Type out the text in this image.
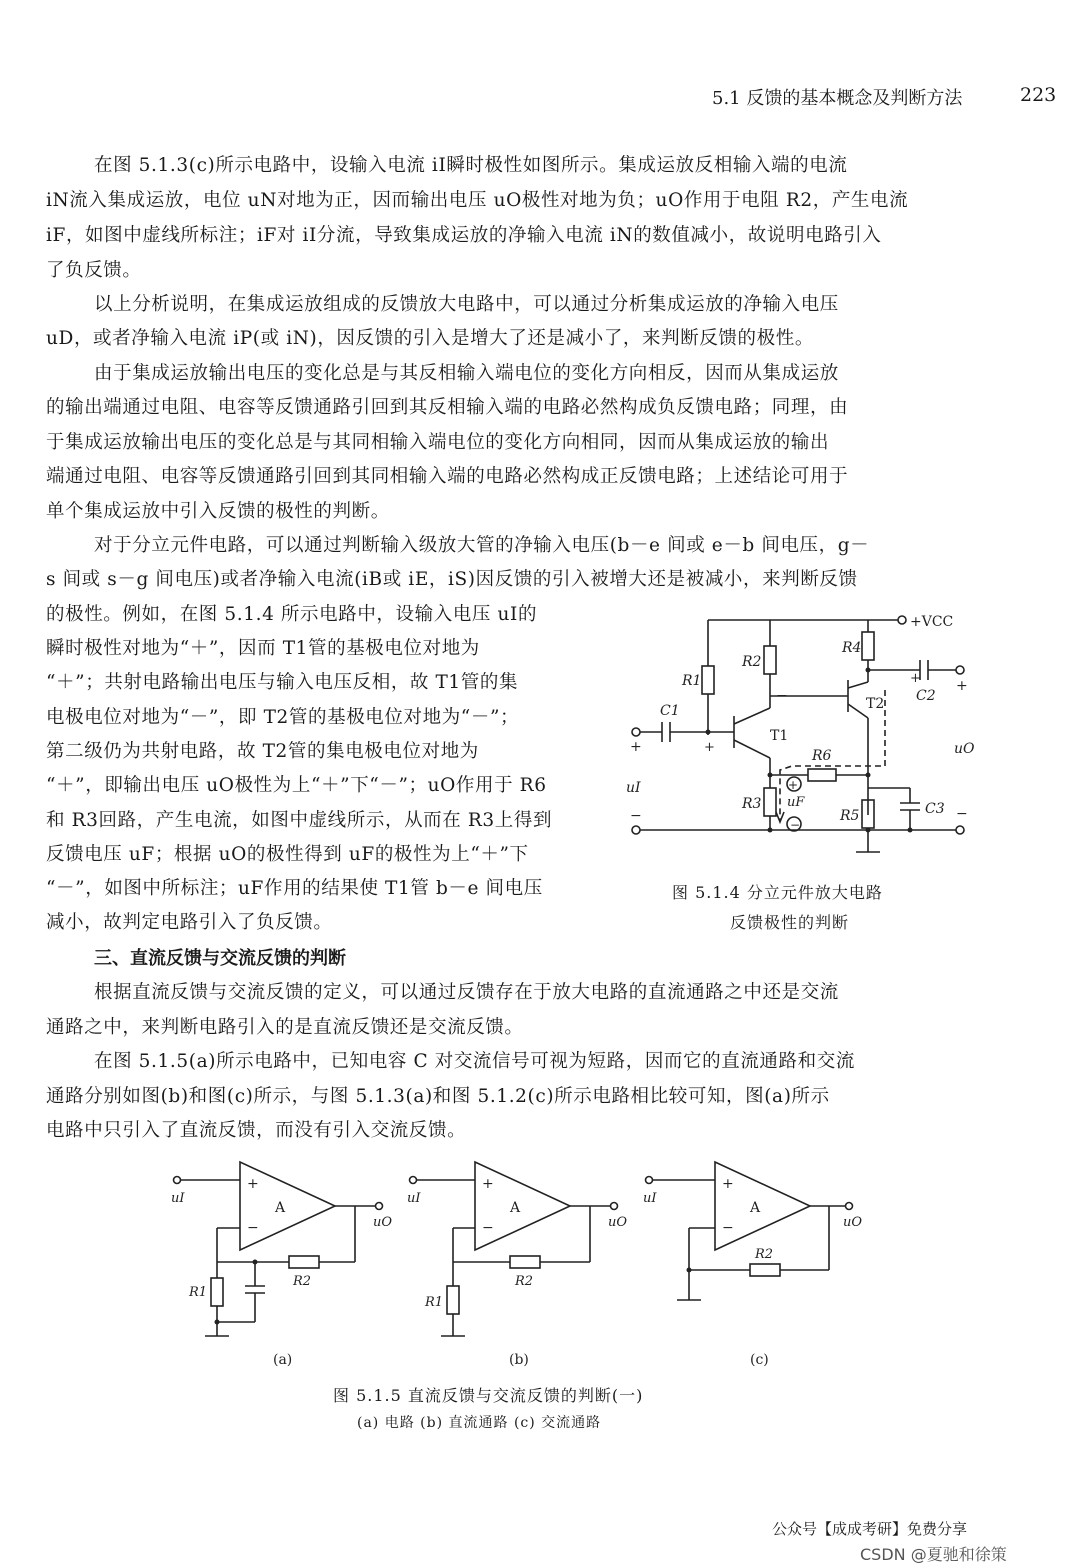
5.1 反馈的基本概念及判断方法	223
在图 5.1.3(c)所示电路中，设输入电流 iI瞬时极性如图所示。集成运放反相输入端的电流
iN流入集成运放，电位 uN对地为正，因而输出电压 uO极性对地为负；uO作用于电阻 R2，产生电流
iF，如图中虚线所标注；iF对 iI分流，导致集成运放的净输入电流 iN的数值减小，故说明电路引入
了负反馈。
以上分析说明，在集成运放组成的反馈放大电路中，可以通过分析集成运放的净输入电压
uD，或者净输入电流 iP(或 iN)，因反馈的引入是增大了还是减小了，来判断反馈的极性。
由于集成运放输出电压的变化总是与其反相输入端电位的变化方向相反，因而从集成运放
的输出端通过电阻、电容等反馈通路引回到其反相输入端的电路必然构成负反馈电路；同理，由
于集成运放输出电压的变化总是与其同相输入端电位的变化方向相同，因而从集成运放的输出
端通过电阻、电容等反馈通路引回到其同相输入端的电路必然构成正反馈电路；上述结论可用于
单个集成运放中引入反馈的极性的判断。
对于分立元件电路，可以通过判断输入级放大管的净输入电压(b－e 间或 e－b 间电压，g－
s 间或 s－g 间电压)或者净输入电流(iB或 iE，iS)因反馈的引入被增大还是被减小，来判断反馈
的极性。例如，在图 5.1.4 所示电路中，设输入电压 uI的
瞬时极性对地为“＋”，因而 T1管的基极电位对地为
“＋”；共射电路输出电压与输入电压反相，故 T1管的集
电极电位对地为“－”，即 T2管的基极电位对地为“－”；
第二级仍为共射电路，故 T2管的集电极电位对地为
“＋”，即输出电压 uO极性为上“＋”下“－”；uO作用于 R6
和 R3回路，产生电流，如图中虚线所示，从而在 R3上得到
反馈电压 uF；根据 uO的极性得到 uF的极性为上“＋”下
“－”，如图中所标注；uF作用的结果使 T1管 b－e 间电压
减小，故判定电路引入了负反馈。
三、直流反馈与交流反馈的判断
根据直流反馈与交流反馈的定义，可以通过反馈存在于放大电路的直流通路之中还是交流
通路之中，来判断电路引入的是直流反馈还是交流反馈。
在图 5.1.5(a)所示电路中，已知电容 C 对交流信号可视为短路，因而它的直流通路和交流
通路分别如图(b)和图(c)所示，与图 5.1.3(a)和图 5.1.2(c)所示电路相比较可知，图(a)所示
电路中只引入了直流反馈，而没有引入交流反馈。
+VCC
R1
R2
−
R4
C2
+	+
C1
+	+
T1
T2
R3
R6
R5	C3
−	−
uI
uO
+
−
uF
图 5.1.4 分立元件放大电路
反馈极性的判断
uI
+
−
A
uO
R2
R1
(a)
uI
+
−
A
uO
R2
R1
(b)
uI
+
−
A
uO
R2
(c)
图 5.1.5 直流反馈与交流反馈的判断(一)
(a) 电路 (b) 直流通路 (c) 交流通路
公众号【成成考研】免费分享
CSDN @夏驰和徐策
